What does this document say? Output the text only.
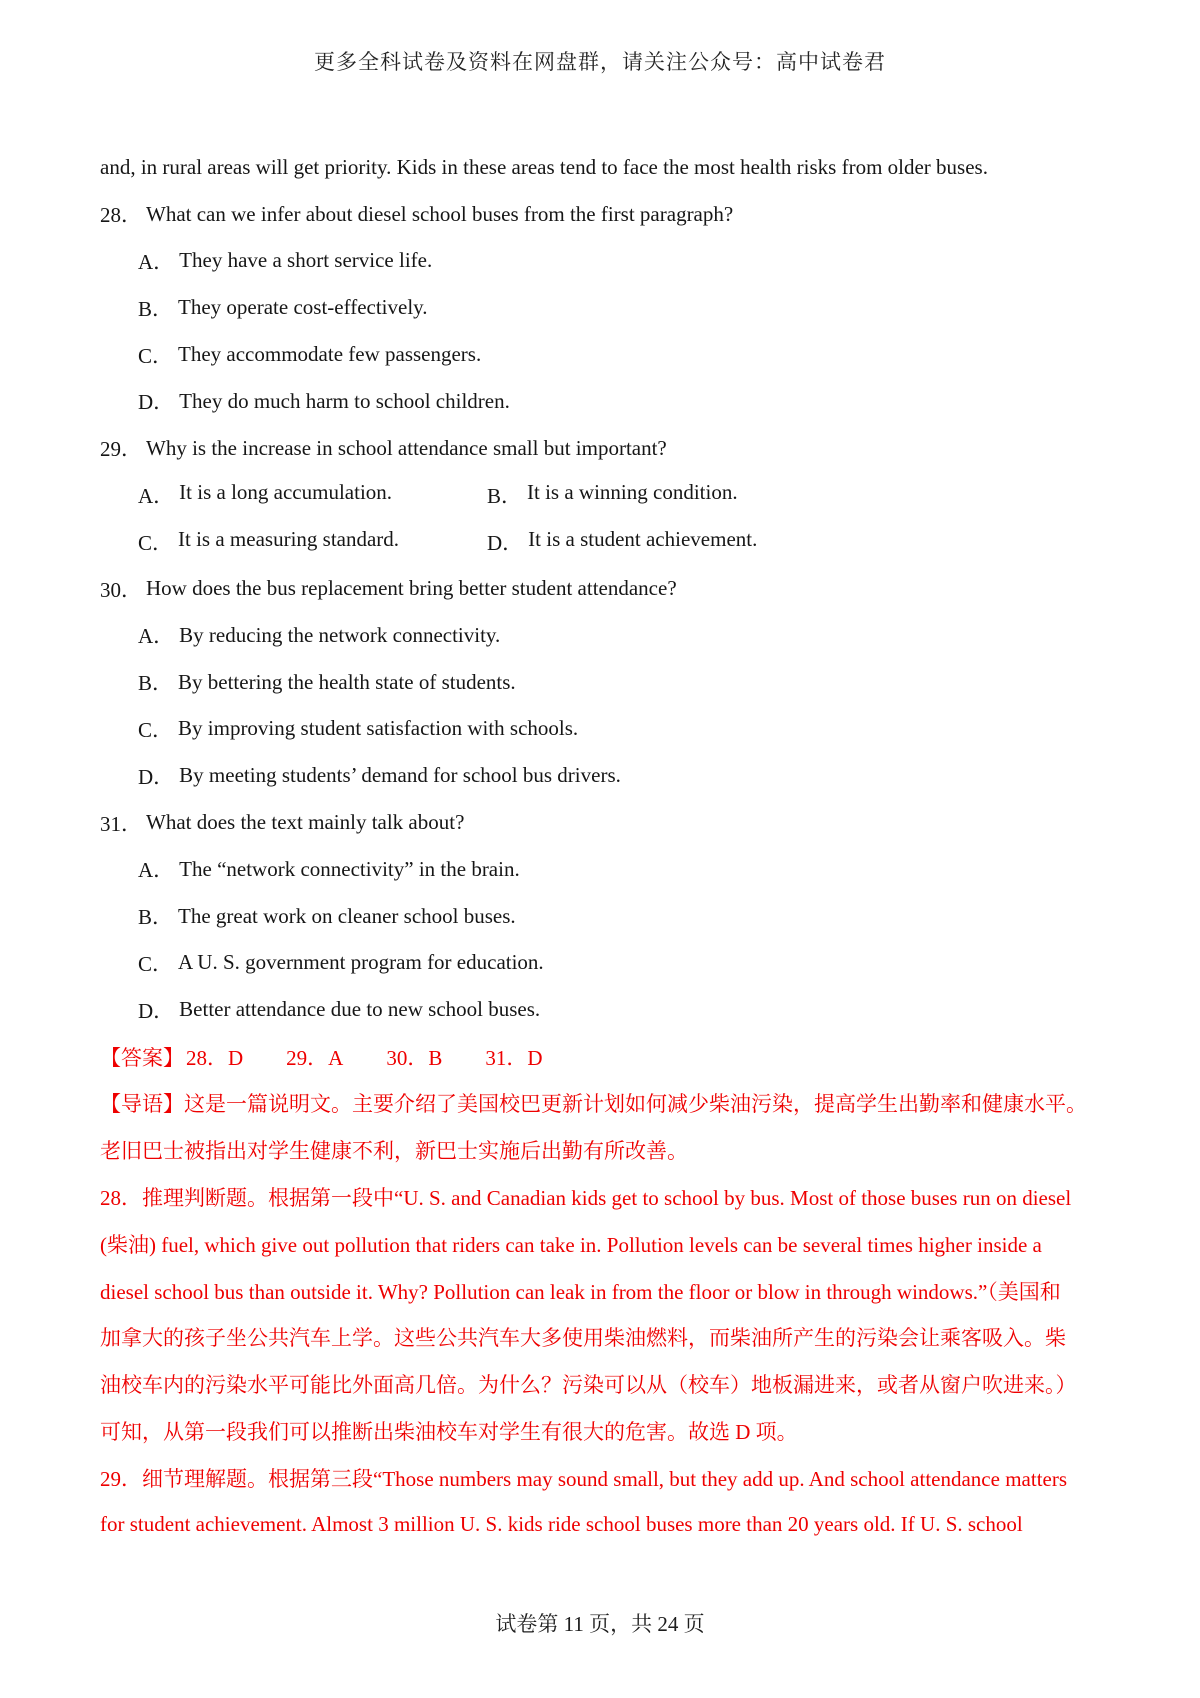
更多全科试卷及资料在网盘群，请关注公众号：高中试卷君
and, in rural areas will get priority. Kids in these areas tend to face the most health risks from older buses.
28． What can we infer about diesel school buses from the first paragraph?
A． They have a short service life.
B． They operate cost-effectively.
C． They accommodate few passengers.
D． They do much harm to school children.
29． Why is the increase in school attendance small but important?
A． It is a long accumulation.	B． It is a winning condition.
C． It is a measuring standard.	D． It is a student achievement.
30． How does the bus replacement bring better student attendance?
A． By reducing the network connectivity.
B． By bettering the health state of students.
C． By improving student satisfaction with schools.
D． By meeting students’ demand for school bus drivers.
31． What does the text mainly talk about?
A． The “network connectivity” in the brain.
B． The great work on cleaner school buses.
C． A U. S. government program for education.
D． Better attendance due to new school buses.
【答案】 28．D 29．A 30．B 31．D
【导语】 这是一篇说明文。主要介绍了美国校巴更新计划如何减少柴油污染，提高学生出勤率和健康水平。
老旧巴士被指出对学生健康不利，新巴士实施后出勤有所改善。
28．推理判断题。根据第一段中“U. S. and Canadian kids get to school by bus. Most of those buses run on diesel
(柴油) fuel, which give out pollution that riders can take in. Pollution levels can be several times higher inside a
diesel school bus than outside it. Why? Pollution can leak in from the floor or blow in through windows.”（美国和
加拿大的孩子坐公共汽车上学。这些公共汽车大多使用柴油燃料，而柴油所产生的污染会让乘客吸入。柴
油校车内的污染水平可能比外面高几倍。为什么？污染可以从（校车）地板漏进来，或者从窗户吹进来。）
可知，从第一段我们可以推断出柴油校车对学生有很大的危害。故选 D 项。
29．细节理解题。根据第三段“Those numbers may sound small, but they add up. And school attendance matters
for student achievement. Almost 3 million U. S. kids ride school buses more than 20 years old. If U. S. school
试卷第 11 页，共 24 页
